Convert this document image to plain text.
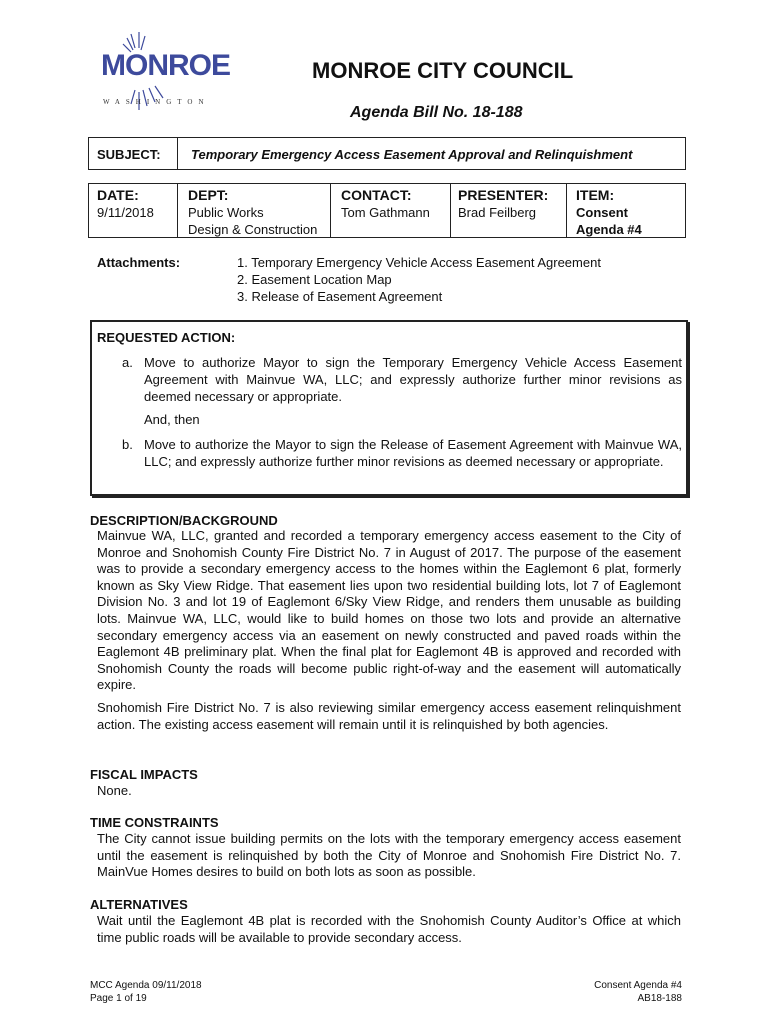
MONROE
WASHINGTON
MONROE CITY COUNCIL
Agenda Bill No. 18-188
SUBJECT: Temporary Emergency Access Easement Approval and Relinquishment
DATE:
9/11/2018
DEPT:
Public Works
Design & Construction
CONTACT:
Tom Gathmann
PRESENTER:
Brad Feilberg
ITEM:
Consent
Agenda #4
Attachments:	1. Temporary Emergency Vehicle Access Easement Agreement
2. Easement Location Map
3. Release of Easement Agreement
REQUESTED ACTION:
a. Move to authorize Mayor to sign the Temporary Emergency Vehicle Access Easement Agreement with Mainvue WA, LLC; and expressly authorize further minor revisions as deemed necessary or appropriate.
And, then
b. Move to authorize the Mayor to sign the Release of Easement Agreement with Mainvue WA, LLC; and expressly authorize further minor revisions as deemed necessary or appropriate.
DESCRIPTION/BACKGROUND
Mainvue WA, LLC, granted and recorded a temporary emergency access easement to the City of Monroe and Snohomish County Fire District No. 7 in August of 2017. The purpose of the easement was to provide a secondary emergency access to the homes within the Eaglemont 6 plat, formerly known as Sky View Ridge. That easement lies upon two residential building lots, lot 7 of Eaglemont Division No. 3 and lot 19 of Eaglemont 6/Sky View Ridge, and renders them unusable as building lots. Mainvue WA, LLC, would like to build homes on those two lots and provide an alternative secondary emergency access via an easement on newly constructed and paved roads within the Eaglemont 4B preliminary plat. When the final plat for Eaglemont 4B is approved and recorded with Snohomish County the roads will become public right-of-way and the easement will automatically expire.
Snohomish Fire District No. 7 is also reviewing similar emergency access easement relinquishment action. The existing access easement will remain until it is relinquished by both agencies.
FISCAL IMPACTS
None.
TIME CONSTRAINTS
The City cannot issue building permits on the lots with the temporary emergency access easement until the easement is relinquished by both the City of Monroe and Snohomish Fire District No. 7. MainVue Homes desires to build on both lots as soon as possible.
ALTERNATIVES
Wait until the Eaglemont 4B plat is recorded with the Snohomish County Auditor’s Office at which time public roads will be available to provide secondary access.
MCC Agenda 09/11/2018
Page 1 of 19
Consent Agenda #4
AB18-188
